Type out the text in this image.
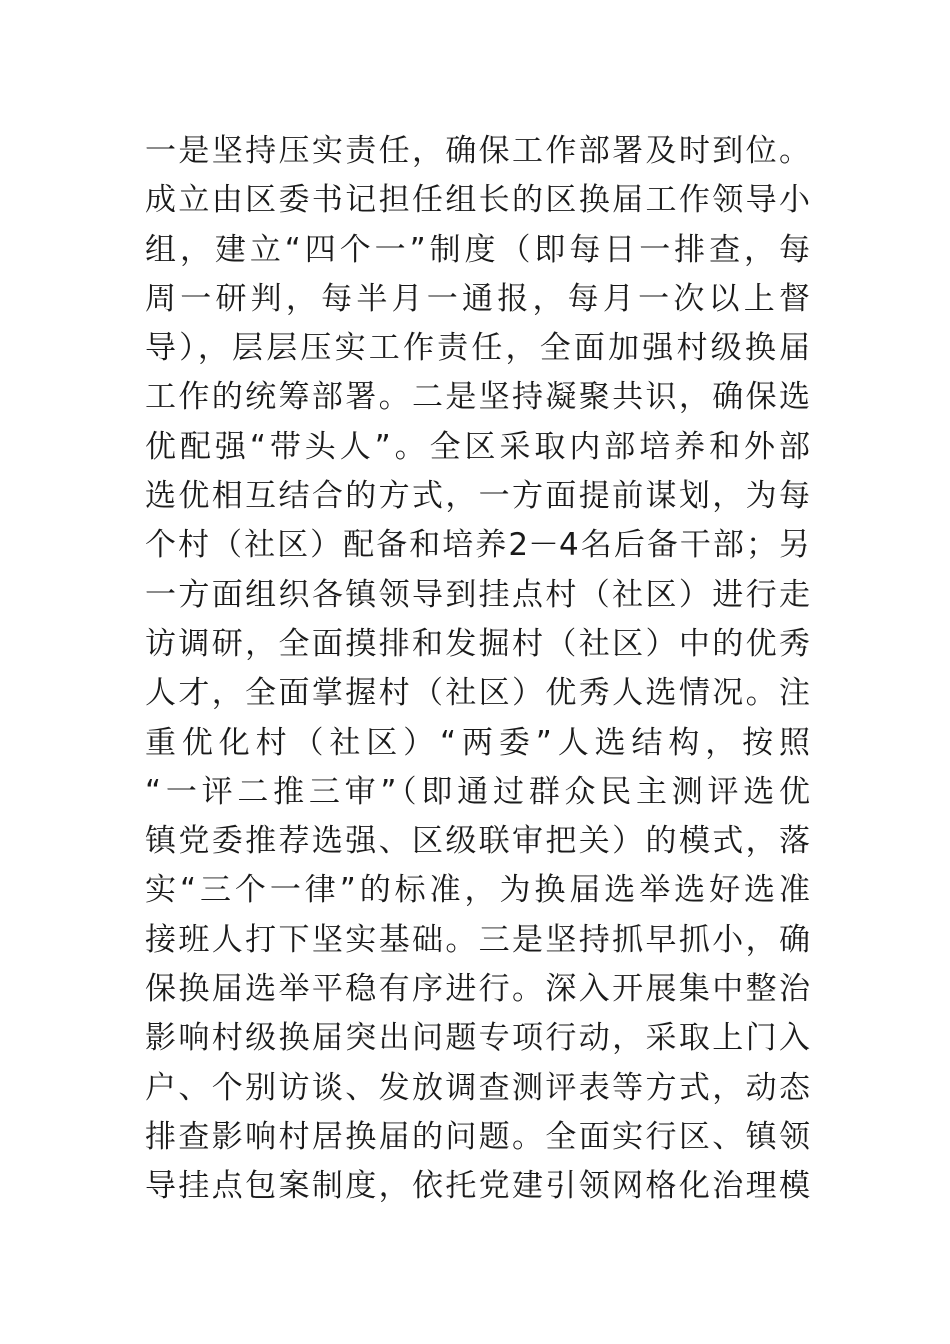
一是坚持压实责任，确保工作部署及时到位。
成立由区委书记担任组长的区换届工作领导小
组，建立“四个一”制度（即每日一排查，每
周一研判，每半月一通报，每月一次以上督
导），层层压实工作责任，全面加强村级换届
工作的统筹部署。二是坚持凝聚共识，确保选
优配强“带头人”。全区采取内部培养和外部
选优相互结合的方式，一方面提前谋划，为每
个村（社区）配备和培养2－4名后备干部；另
一方面组织各镇领导到挂点村（社区）进行走
访调研，全面摸排和发掘村（社区）中的优秀
人才，全面掌握村（社区）优秀人选情况。注
重优化村（社区）“两委”人选结构，按照
“一评二推三审”（即通过群众民主测评选优
镇党委推荐选强、区级联审把关）的模式，落
实“三个一律”的标准，为换届选举选好选准
接班人打下坚实基础。三是坚持抓早抓小，确
保换届选举平稳有序进行。深入开展集中整治
影响村级换届突出问题专项行动，采取上门入
户、个别访谈、发放调查测评表等方式，动态
排查影响村居换届的问题。全面实行区、镇领
导挂点包案制度，依托党建引领网格化治理模
